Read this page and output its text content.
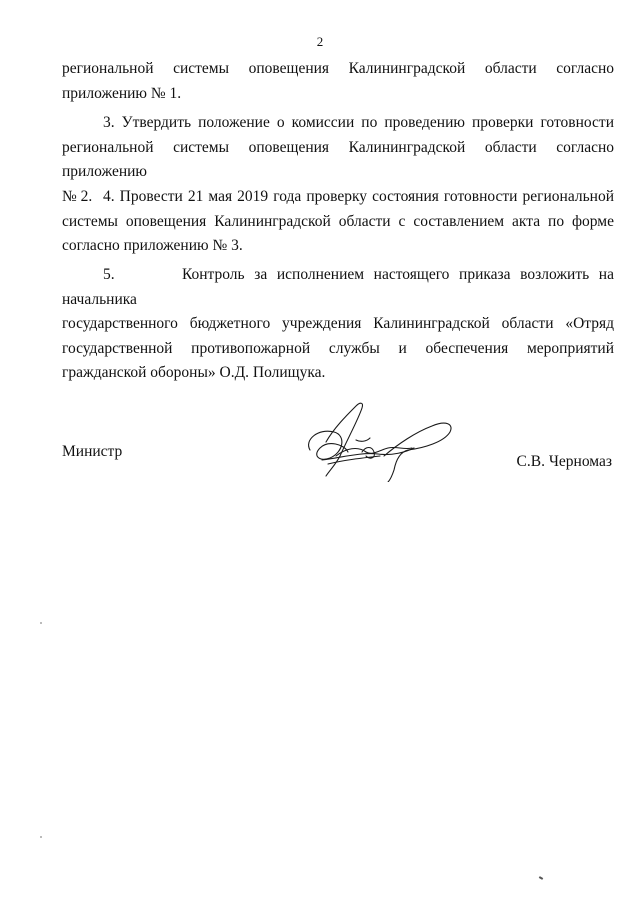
2
региональной системы оповещения Калининградской области согласно
приложению № 1.
3. Утвердить положение о комиссии по проведению проверки готовности
региональной системы оповещения Калининградской области согласно приложению
№ 2. 4. Провести 21 мая 2019 года проверку состояния готовности региональной
системы оповещения Калининградской области с составлением акта по форме
согласно приложению № 3.
5.       Контроль за исполнением настоящего приказа возложить на начальника
государственного бюджетного учреждения Калининградской области «Отряд
государственной противопожарной службы и обеспечения мероприятий
гражданской обороны» О.Д. Полищука.
Министр
С.В. Черномаз
